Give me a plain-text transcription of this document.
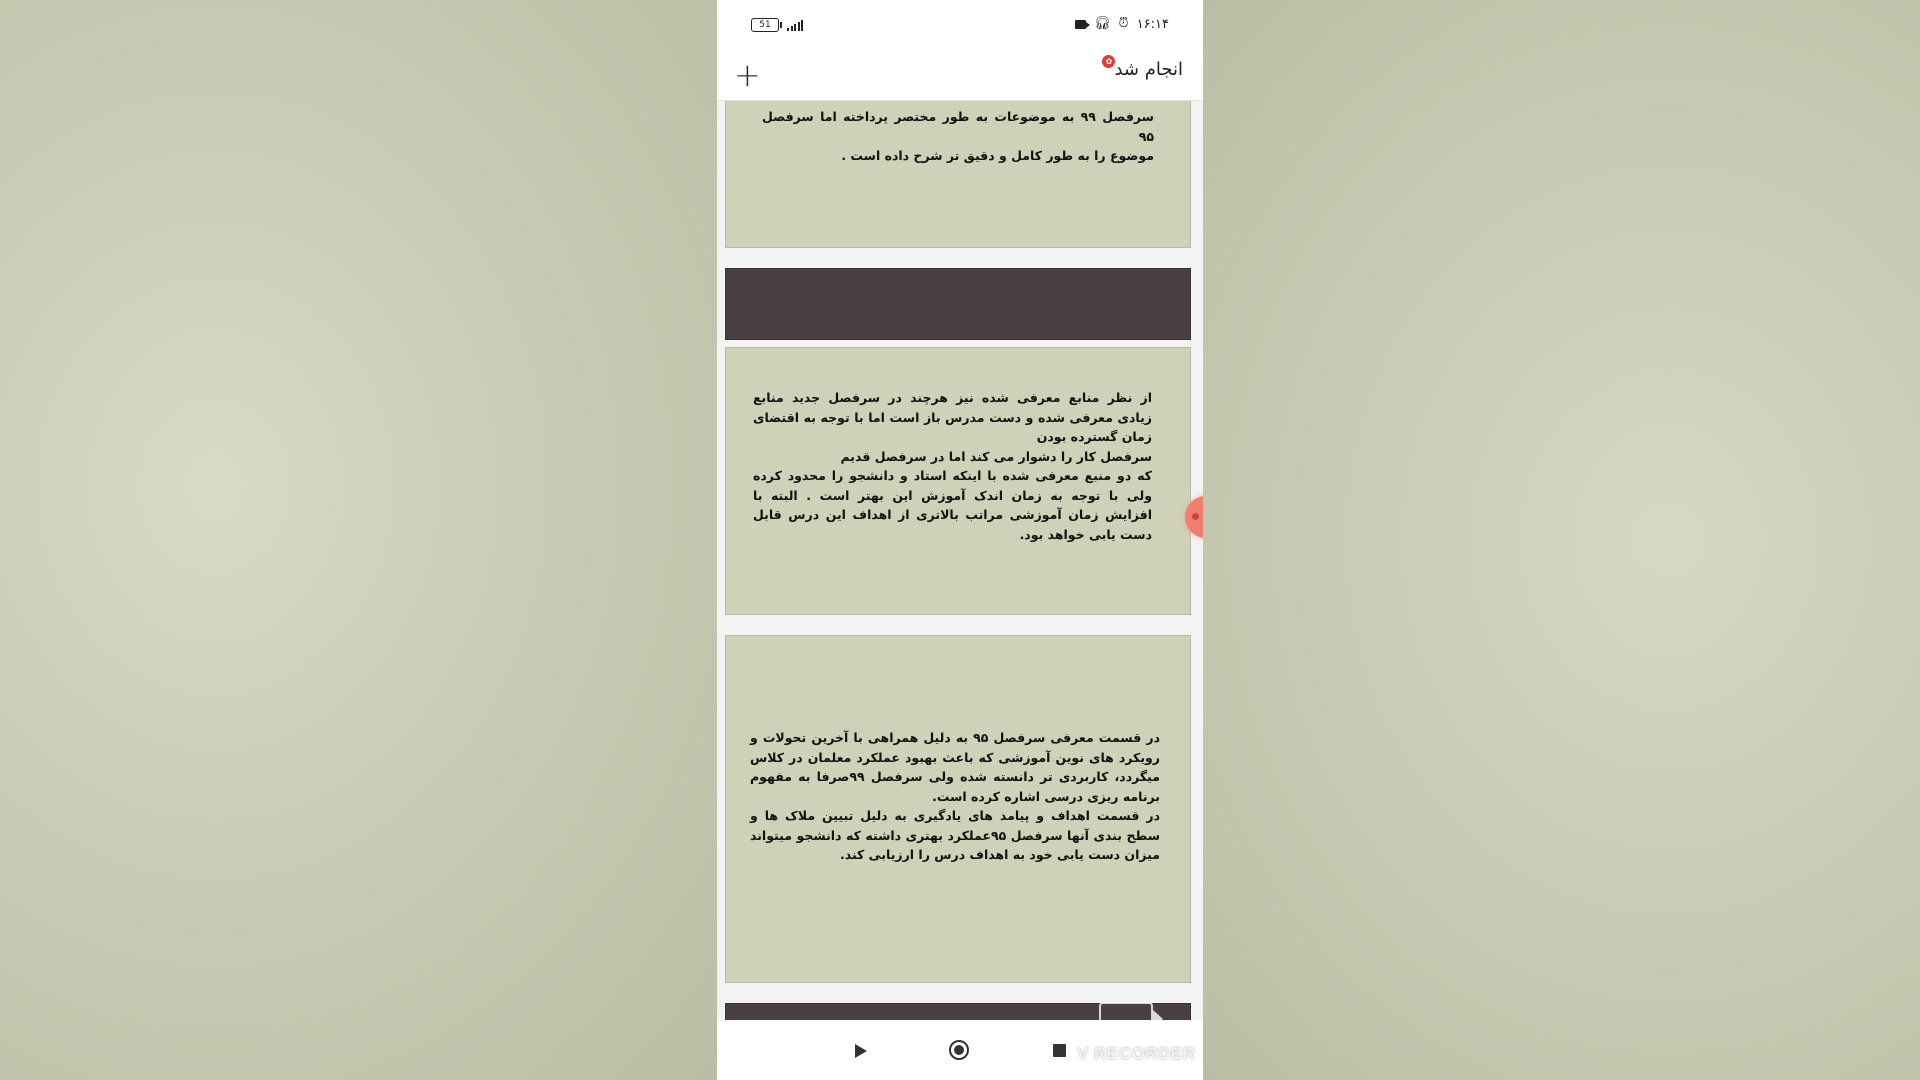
51	🎧︎ ⏰︎ ۱۶:۱۴
+	✿ انجام شد
سرفصل ۹۹ به موضوعات به طور مختصر پرداخته اما سرفصل ۹۵
موضوع را به طور کامل و دقیق تر شرح داده است .
از نظر منابع معرفی شده نیز هرچند در سرفصل جدید منابع زیادی معرفی شده و دست مدرس باز است اما با توجه به اقتضای زمان گسترده بودن
سرفصل کار را دشوار می کند اما در سرفصل قدیم
که دو منبع معرفی شده با اینکه استاد و دانشجو را محدود کرده ولی با توجه به زمان اندک آموزش این بهتر است . البته با افزایش زمان آموزشی مراتب بالاتری از اهداف این درس قابل دست یابی خواهد بود.
در قسمت معرفی سرفصل ۹۵ به دلیل همراهی با آخرین تحولات و رویکرد های نوین آموزشی که باعث بهبود عملکرد معلمان در کلاس میگردد، کاربردی تر دانسته شده ولی سرفصل ۹۹صرفا به مفهوم برنامه ریزی درسی اشاره کرده است.
در قسمت اهداف و پیامد های یادگیری به دلیل تبیین ملاک ها و سطح بندی آنها سرفصل ۹۵عملکرد بهتری داشته که دانشجو میتواند میزان دست یابی خود به اهداف درس را ارزیابی کند.
V RECORDER
